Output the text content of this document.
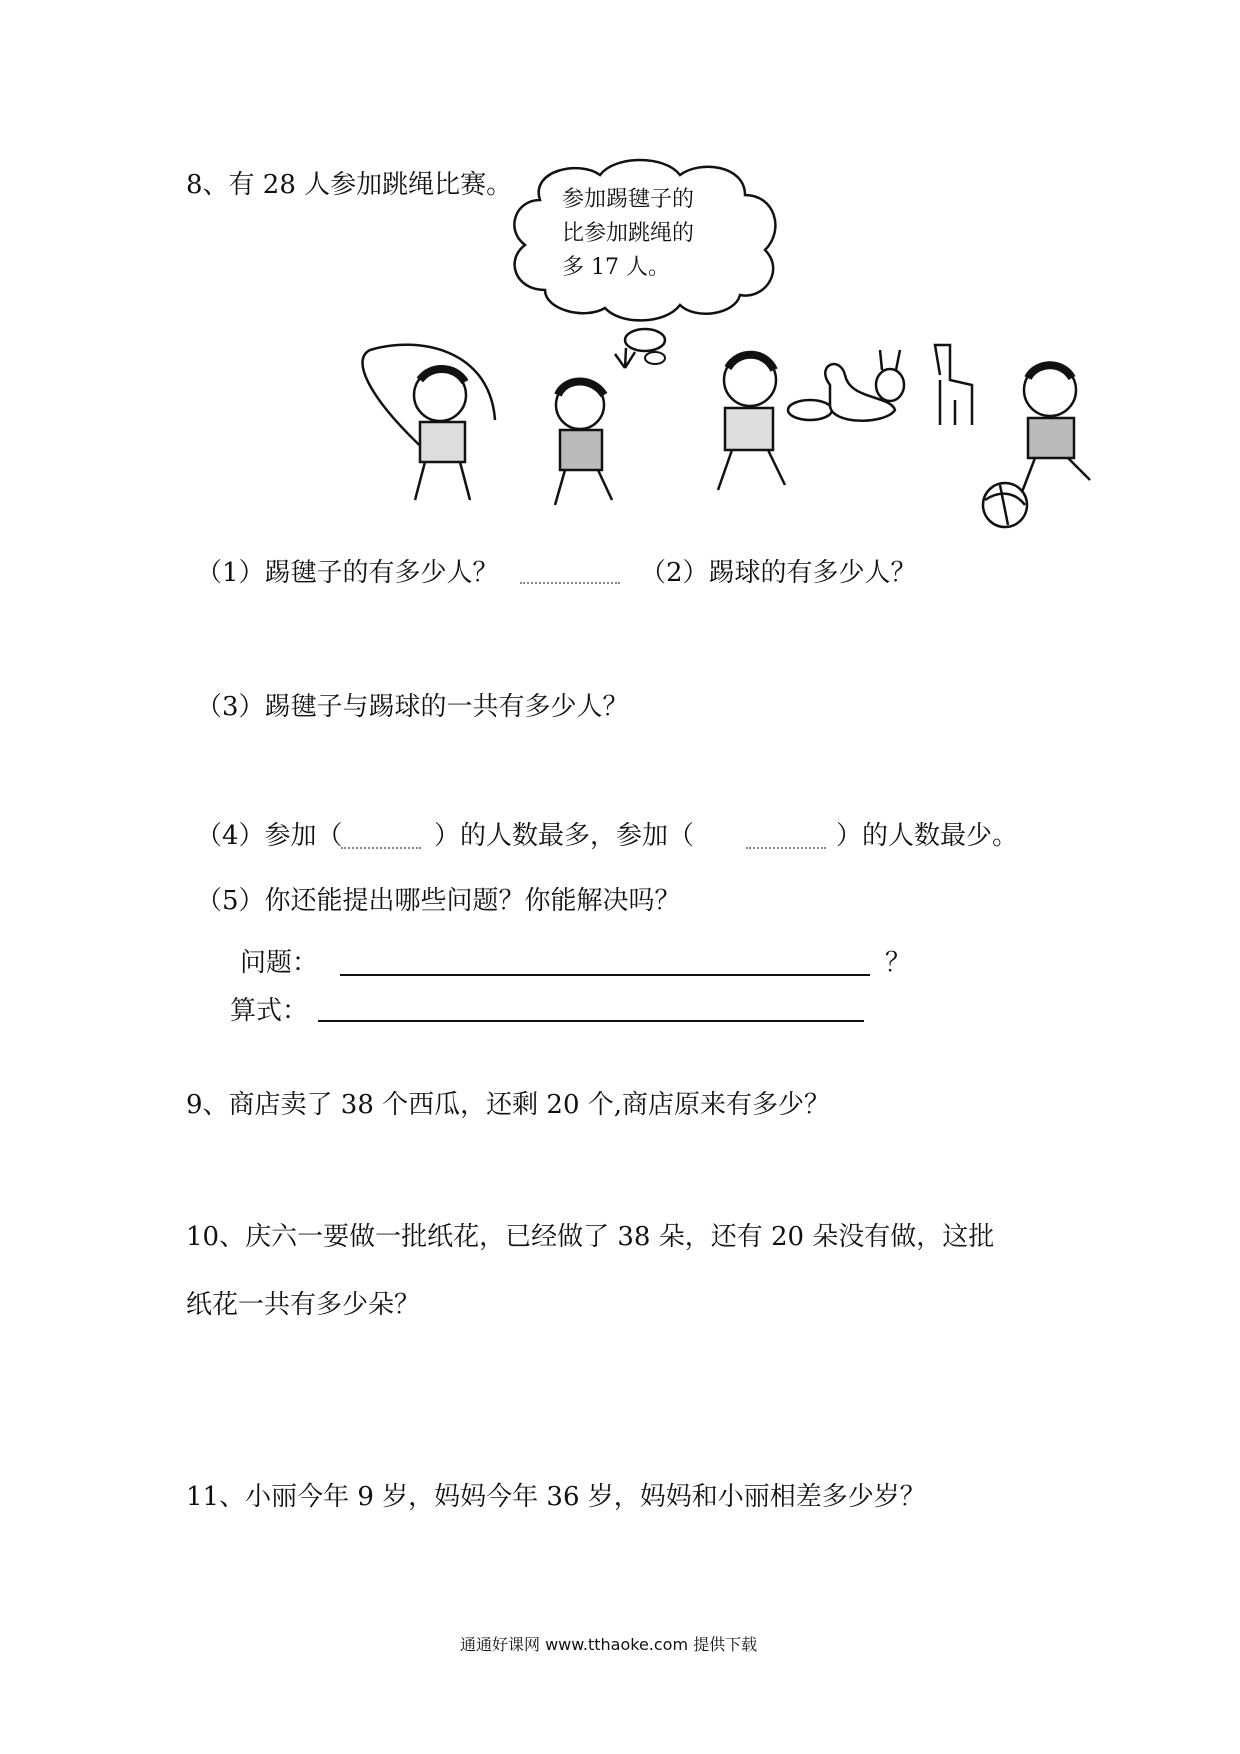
8、有 28 人参加跳绳比赛。 参加踢毽子的
比参加跳绳的
多 17 人。
（1）踢毽子的有多少人？	（2）踢球的有多少人？
（3）踢毽子与踢球的一共有多少人？
（4）参加（	）的人数最多，参加（	）的人数最少。
（5）你还能提出哪些问题？你能解决吗？
问题：	？
算式：
9、商店卖了 38 个西瓜，还剩 20 个,商店原来有多少？
10、庆六一要做一批纸花，已经做了 38 朵，还有 20 朵没有做，这批
纸花一共有多少朵？
11、小丽今年 9 岁，妈妈今年 36 岁，妈妈和小丽相差多少岁？
通通好课网 www.tthaoke.com 提供下载
